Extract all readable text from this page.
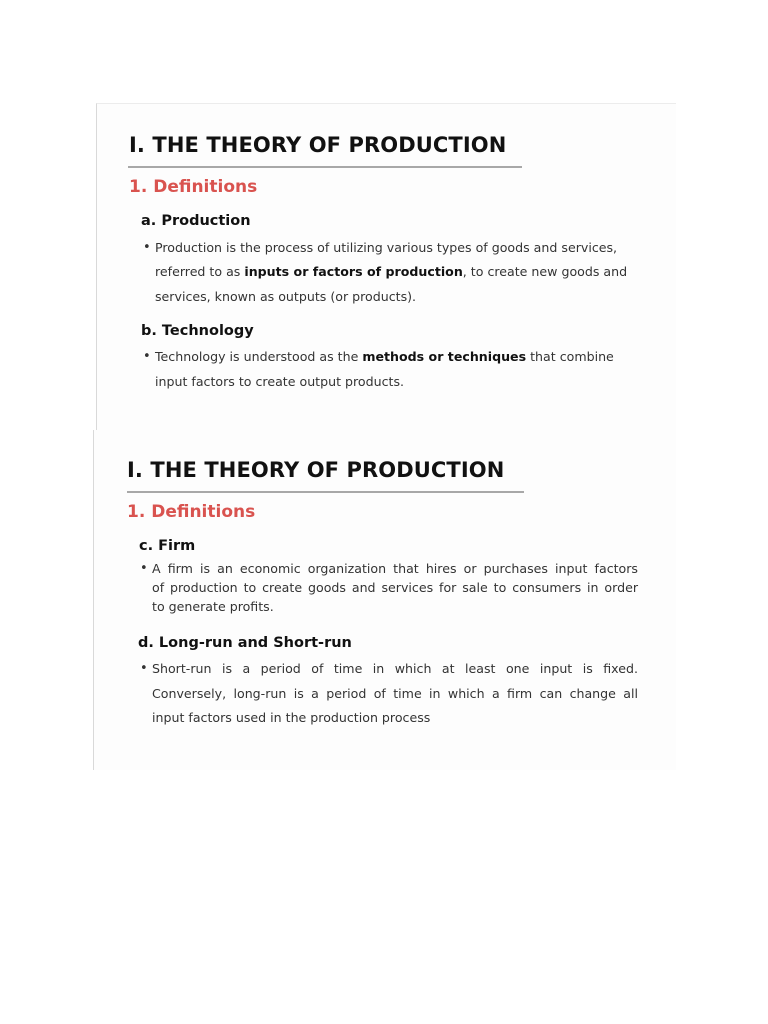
I. THE THEORY OF PRODUCTION
1. Definitions
a. Production
• Production is the process of utilizing various types of goods and services,
referred to as inputs or factors of production, to create new goods and
services, known as outputs (or products).
b. Technology
• Technology is understood as the methods or techniques that combine
input factors to create output products.
I. THE THEORY OF PRODUCTION
1. Definitions
c. Firm
• A firm is an economic organization that hires or purchases input factors
of production to create goods and services for sale to consumers in order
to generate profits.
d. Long-run and Short-run
• Short-run is a period of time in which at least one input is fixed.
Conversely, long-run is a period of time in which a firm can change all
input factors used in the production process
